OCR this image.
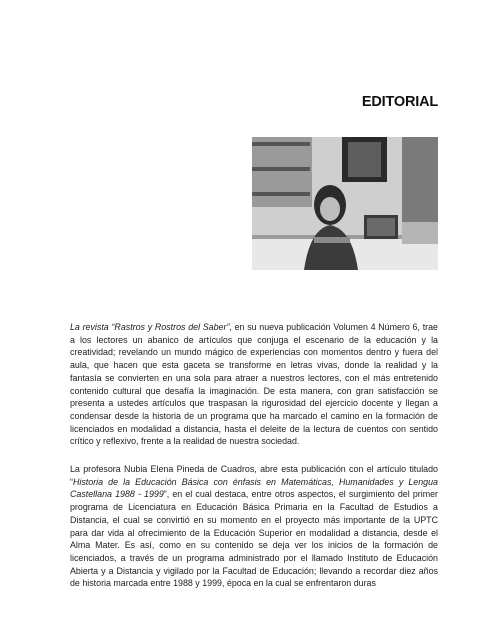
EDITORIAL

La revista “Rastros y Rostros del Saber”, en su nueva publicación Volumen 4 Número 6, trae a los lectores un abanico de artículos que conjuga el escenario de la educación y la creatividad; revelando un mundo mágico de experiencias con momentos dentro y fuera del aula, que hacen que esta gaceta se transforme en letras vivas, donde la realidad y la fantasía se convierten en una sola para atraer a nuestros lectores, con el más entretenido contenido cultural que desafía la imaginación. De esta manera, con gran satisfacción se presenta a ustedes artículos que traspasan la rigurosidad del ejercicio docente y llegan a condensar desde la historia de un programa que ha marcado el camino en la formación de licenciados en modalidad a distancia, hasta el deleite de la lectura de cuentos con sentido crítico y reflexivo, frente a la realidad de nuestra sociedad.

La profesora Nubia Elena Pineda de Cuadros, abre esta publicación con el artículo titulado “Historia de la Educación Básica con énfasis en Matemáticas, Humanidades y Lengua Castellana 1988 - 1999”, en el cual destaca, entre otros aspectos, el surgimiento del primer programa de Licenciatura en Educación Básica Primaria en la Facultad de Estudios a Distancia, el cual se convirtió en su momento en el proyecto más importante de la UPTC para dar vida al ofrecimiento de la Educación Superior en modalidad a distancia, desde el Alma Mater. Es así, como en su contenido se deja ver los inicios de la formación de licenciados, a través de un programa administrado por el llamado Instituto de Educación Abierta y a Distancia y vigilado por la Facultad de Educación; llevando a recordar diez años de historia marcada entre 1988 y 1999, época en la cual se enfrentaron duras
